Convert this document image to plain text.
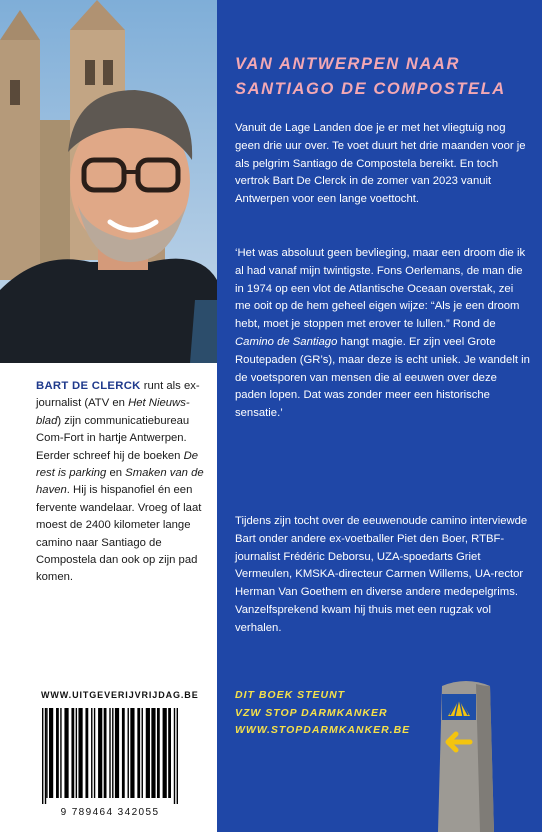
BART DE CLERCK runt als ex-journalist (ATV en Het Nieuwsblad) zijn communicatiebureau Com-Fort in hartje Antwerpen. Eerder schreef hij de boeken De rest is parking en Smaken van de haven. Hij is hispanofiel én een fervente wandelaar. Vroeg of laat moest de 2400 kilometer lange camino naar Santiago de Compostela dan ook op zijn pad komen.

WWW.UITGEVERIJVRIJDAG.BE
9 789464 342055
VAN ANTWERPEN NAAR
SANTIAGO DE COMPOSTELA

Vanuit de Lage Landen doe je er met het vliegtuig nog geen drie uur over. Te voet duurt het drie maanden voor je als pelgrim Santiago de Compostela bereikt. En toch vertrok Bart De Clerck in de zomer van 2023 vanuit Antwerpen voor een lange voettocht.

‘Het was absoluut geen bevlieging, maar een droom die ik al had vanaf mijn twintigste. Fons Oerlemans, de man die in 1974 op een vlot de Atlantische Oceaan overstak, zei me ooit op de hem geheel eigen wijze: “Als je een droom hebt, moet je stoppen met erover te lullen.” Rond de Camino de Santiago hangt magie. Er zijn veel Grote Routepaden (GR’s), maar deze is echt uniek. Je wandelt in de voetsporen van mensen die al eeuwen over deze paden lopen. Dat was zonder meer een historische sensatie.’

Tijdens zijn tocht over de eeuwenoude camino interviewde Bart onder andere ex-voetballer Piet den Boer, RTBF-journalist Frédéric Deborsu, UZA-spoedarts Griet Vermeulen, KMSKA-directeur Carmen Willems, UA-rector Herman Van Goethem en diverse andere medepelgrims. Vanzelfsprekend kwam hij thuis met een rugzak vol verhalen.

DIT BOEK STEUNT
VZW STOP DARMKANKER
WWW.STOPDARMKANKER.BE
